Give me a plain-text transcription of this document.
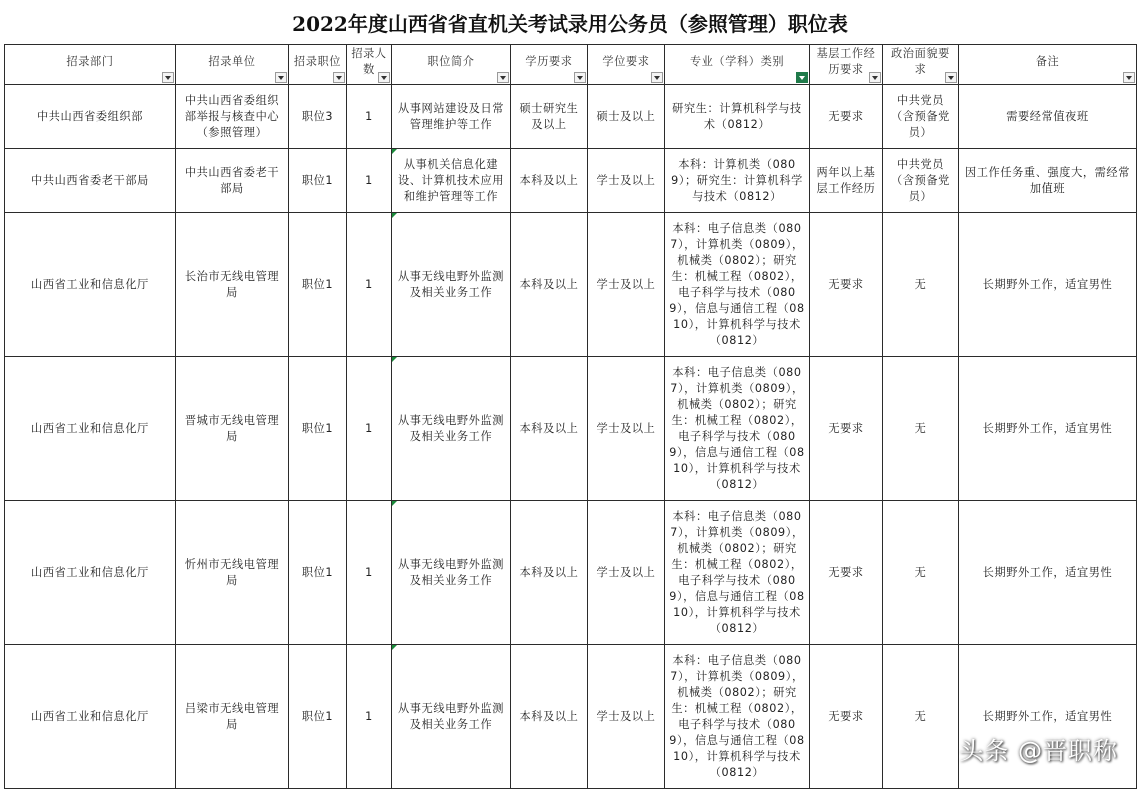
2022年度山西省省直机关考试录用公务员（参照管理）职位表
招录部门	招录单位	招录职位	招录人数	职位简介	学历要求	学位要求	专业（学科）类别	基层工作经历要求	政治面貌要求	备注

中共山西省委组织部	中共山西省委组织部举报与核查中心（参照管理）	职位3	1	从事网站建设及日常管理维护等工作	硕士研究生及以上	硕士及以上	研究生：计算机科学与技术（0812）	无要求	中共党员（含预备党员）	需要经常值夜班
中共山西省委老干部局	中共山西省委老干部局	职位1	1	从事机关信息化建设、计算机技术应用和维护管理等工作	本科及以上	学士及以上	本科：计算机类（0809）；研究生：计算机科学与技术（0812）	两年以上基层工作经历	中共党员（含预备党员）	因工作任务重、强度大，需经常加值班
山西省工业和信息化厅	长治市无线电管理局	职位1	1	从事无线电野外监测及相关业务工作	本科及以上	学士及以上	本科：电子信息类（0807），计算机类（0809），机械类（0802）；研究生：机械工程（0802），电子科学与技术（0809），信息与通信工程（0810），计算机科学与技术（0812）	无要求	无	长期野外工作，适宜男性
山西省工业和信息化厅	晋城市无线电管理局	职位1	1	从事无线电野外监测及相关业务工作	本科及以上	学士及以上	本科：电子信息类（0807），计算机类（0809），机械类（0802）；研究生：机械工程（0802），电子科学与技术（0809），信息与通信工程（0810），计算机科学与技术（0812）	无要求	无	长期野外工作，适宜男性
山西省工业和信息化厅	忻州市无线电管理局	职位1	1	从事无线电野外监测及相关业务工作	本科及以上	学士及以上	本科：电子信息类（0807），计算机类（0809），机械类（0802）；研究生：机械工程（0802），电子科学与技术（0809），信息与通信工程（0810），计算机科学与技术（0812）	无要求	无	长期野外工作，适宜男性
山西省工业和信息化厅	吕梁市无线电管理局	职位1	1	从事无线电野外监测及相关业务工作	本科及以上	学士及以上	本科：电子信息类（0807），计算机类（0809），机械类（0802）；研究生：机械工程（0802），电子科学与技术（0809），信息与通信工程（0810），计算机科学与技术（0812）	无要求	无	长期野外工作，适宜男性
头条 @晋职称
